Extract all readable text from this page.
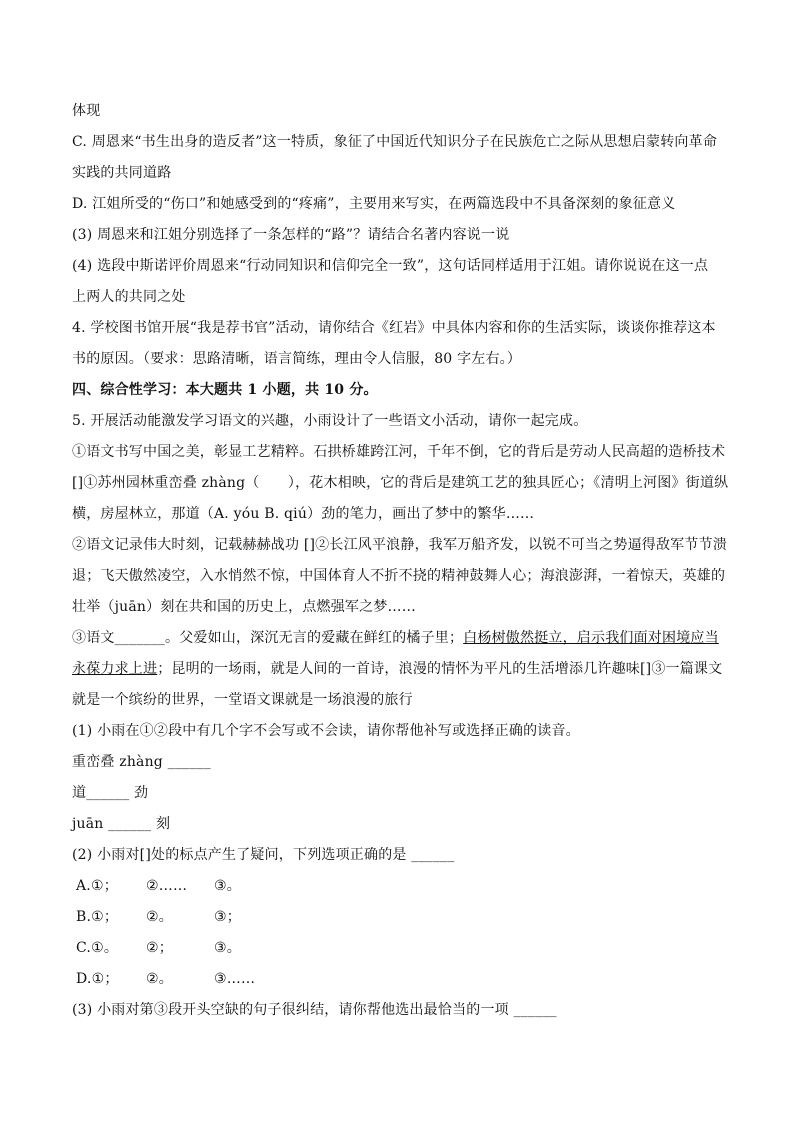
体现
C. 周恩来“书生出身的造反者”这一特质，象征了中国近代知识分子在民族危亡之际从思想启蒙转向革命
实践的共同道路
D. 江姐所受的“伤口”和她感受到的“疼痛”，主要用来写实，在两篇选段中不具备深刻的象征意义
(3) 周恩来和江姐分别选择了一条怎样的“路”？请结合名著内容说一说
(4) 选段中斯诺评价周恩来“行动同知识和信仰完全一致”，这句话同样适用于江姐。请你说说在这一点
上两人的共同之处
4. 学校图书馆开展“我是荐书官”活动，请你结合《红岩》中具体内容和你的生活实际，谈谈你推荐这本
书的原因。（要求：思路清晰，语言简练，理由令人信服，80 字左右。）
四、综合性学习：本大题共 1 小题，共 10 分。
5. 开展活动能激发学习语文的兴趣，小雨设计了一些语文小活动，请你一起完成。
①语文书写中国之美，彰显工艺精粹。石拱桥雄跨江河，千年不倒，它的背后是劳动人民高超的造桥技术
[]①苏州园林重峦叠 zhàng（　　），花木相映，它的背后是建筑工艺的独具匠心；《清明上河图》街道纵
横，房屋林立，那道（A. yóu B. qiú）劲的笔力，画出了梦中的繁华……
②语文记录伟大时刻，记载赫赫战功 []②长江风平浪静，我军万船齐发，以锐不可当之势逼得敌军节节溃
退；飞天傲然凌空，入水悄然不惊，中国体育人不折不挠的精神鼓舞人心；海浪澎湃，一着惊天，英雄的
壮举（juān）刻在共和国的历史上，点燃强军之梦……
③语文_______。父爱如山，深沉无言的爱藏在鲜红的橘子里；白杨树傲然挺立，启示我们面对困境应当
永葆力求上进；昆明的一场雨，就是人间的一首诗，浪漫的情怀为平凡的生活增添几许趣味[]③一篇课文
就是一个缤纷的世界，一堂语文课就是一场浪漫的旅行
(1) 小雨在①②段中有几个字不会写或不会读，请你帮他补写或选择正确的读音。
重峦叠 zhàng ______
道______ 劲
juān ______ 刻
(2) 小雨对[]处的标点产生了疑问，下列选项正确的是 ______
A.①； ②…… ③。
B.①； ②。	③；
C.①。 ②；	③。
D.①； ②。	③……
(3) 小雨对第③段开头空缺的句子很纠结，请你帮他选出最恰当的一项 ______
